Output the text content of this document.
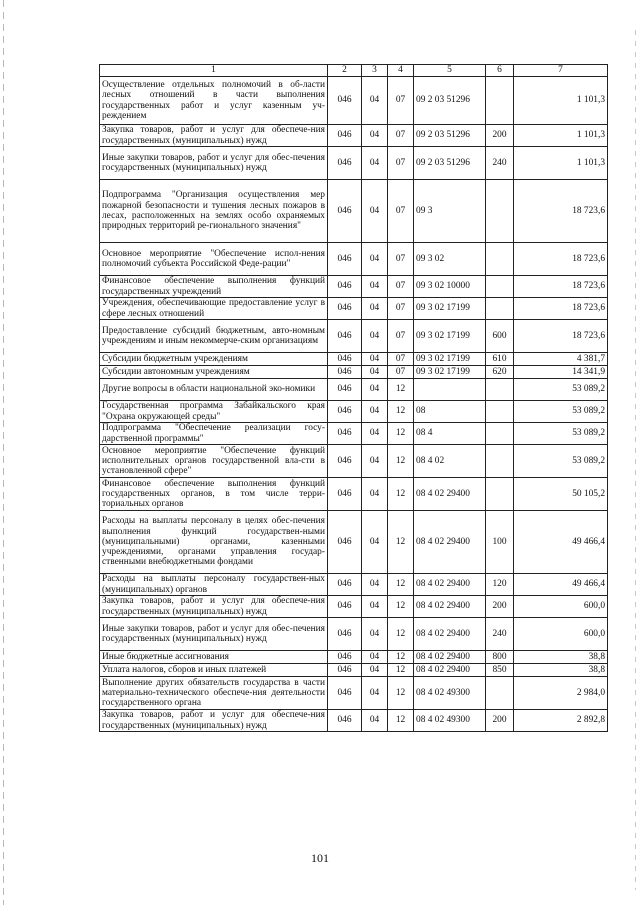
1	2	3	4	5	6	7
Осуществление отдельных полномочий в об-ласти лесных отношений в части выполнения государственных работ и услуг казенным уч-реждением	046	04	07	09 2 03 51296		1 101,3
Закупка товаров, работ и услуг для обеспече-ния государственных (муниципальных) нужд	046	04	07	09 2 03 51296	200	1 101,3
Иные закупки товаров, работ и услуг для обес-печения государственных (муниципальных) нужд	046	04	07	09 2 03 51296	240	1 101,3
Подпрограмма "Организация осуществления мер пожарной безопасности и тушения лесных пожаров в лесах, расположенных на землях особо охраняемых природных территорий ре-гионального значения"	046	04	07	09 3		18 723,6
Основное мероприятие "Обеспечение испол-нения полномочий субъекта Российской Феде-рации"	046	04	07	09 3 02		18 723,6
Финансовое обеспечение выполнения функций государственных учреждений	046	04	07	09 3 02 10000		18 723,6
Учреждения, обеспечивающие предоставление услуг в сфере лесных отношений	046	04	07	09 3 02 17199		18 723,6
Предоставление субсидий бюджетным, авто-номным учреждениям и иным некоммерче-ским организациям	046	04	07	09 3 02 17199	600	18 723,6
Субсидии бюджетным учреждениям	046	04	07	09 3 02 17199	610	4 381,7
Субсидии автономным учреждениям	046	04	07	09 3 02 17199	620	14 341,9
Другие вопросы в области национальной эко-номики	046	04	12			53 089,2
Государственная программа Забайкальского края "Охрана окружающей среды"	046	04	12	08		53 089,2
Подпрограмма "Обеспечение реализации госу-дарственной программы"	046	04	12	08 4		53 089,2
Основное мероприятие "Обеспечение функций исполнительных органов государственной вла-сти в установленной сфере"	046	04	12	08 4 02		53 089,2
Финансовое обеспечение выполнения функций государственных органов, в том числе терри-ториальных органов	046	04	12	08 4 02 29400		50 105,2
Расходы на выплаты персоналу в целях обес-печения выполнения функций государствен-ными (муниципальными) органами, казенными учреждениями, органами управления государ-ственными внебюджетными фондами	046	04	12	08 4 02 29400	100	49 466,4
Расходы на выплаты персоналу государствен-ных (муниципальных) органов	046	04	12	08 4 02 29400	120	49 466,4
Закупка товаров, работ и услуг для обеспече-ния государственных (муниципальных) нужд	046	04	12	08 4 02 29400	200	600,0
Иные закупки товаров, работ и услуг для обес-печения государственных (муниципальных) нужд	046	04	12	08 4 02 29400	240	600,0
Иные бюджетные ассигнования	046	04	12	08 4 02 29400	800	38,8
Уплата налогов, сборов и иных платежей	046	04	12	08 4 02 29400	850	38,8
Выполнение других обязательств государства в части материально-технического обеспече-ния деятельности государственного органа	046	04	12	08 4 02 49300		2 984,0
Закупка товаров, работ и услуг для обеспече-ния государственных (муниципальных) нужд	046	04	12	08 4 02 49300	200	2 892,8
101
